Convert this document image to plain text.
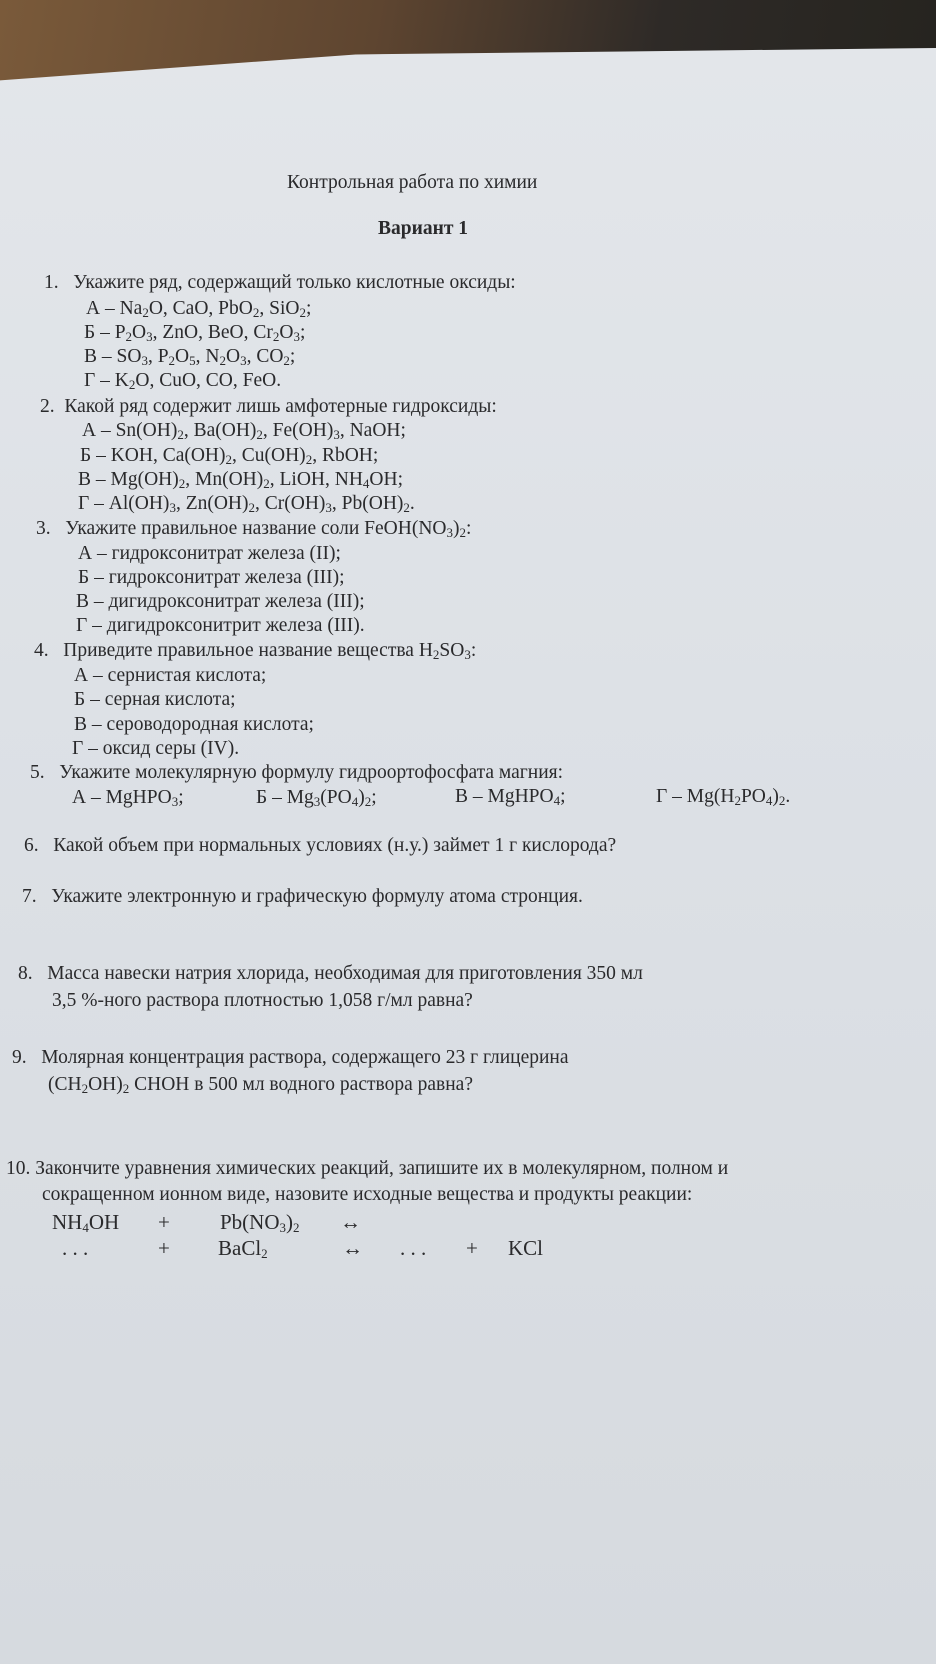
Контрольная работа по химии
Вариант 1
1. Укажите ряд, содержащий только кислотные оксиды:
А – $Na_2O$, CaO, PbO$_2$, SiO$_2$;
Б – $P_2O_3$, ZnO, BeO, $Cr_2O_3$;
В – $SO_3$, $P_2O_5$, $N_2O_3$, $CO_2$;
Г – $K_2O$, CuO, CO, FeO.
2. Какой ряд содержит лишь амфотерные гидроксиды:
А – $Sn(OH)_2$, $Ba(OH)_2$, $Fe(OH)_3$, NaOH;
Б – KOH, $Ca(OH)_2$, $Cu(OH)_2$, RbOH;
В – $Mg(OH)_2$, $Mn(OH)_2$, LiOH, $NH_4OH$;
Г – $Al(OH)_3$, $Zn(OH)_2$, $Cr(OH)_3$, $Pb(OH)_2$.
3. Укажите правильное название соли $FeOH(NO_3)_2$:
А – гидроксонитрат железа (II);
Б – гидроксонитрат железа (III);
В – дигидроксонитрат железа (III);
Г – дигидроксонитрит железа (III).
4. Приведите правильное название вещества $H_2SO_3$:
А – сернистая кислота;
Б – серная кислота;
В – сероводородная кислота;
Г – оксид серы (IV).
5. Укажите молекулярную формулу гидроортофосфата магния:
А – MgHPO$_3$;	Б – $Mg_3(PO_4)_2$;	В – MgHPO$_4$;	Г – $Mg(H_2PO_4)_2$.
6. Какой объем при нормальных условиях (н.у.) займет 1 г кислорода?
7. Укажите электронную и графическую формулу атома стронция.
8. Масса навески натрия хлорида, необходимая для приготовления 350 мл
3,5 %-ного раствора плотностью 1,058 г/мл равна?
9. Молярная концентрация раствора, содержащего 23 г глицерина
$(CH_2OH)_2$ CHOH в 500 мл водного раствора равна?
10. Закончите уравнения химических реакций, запишите их в молекулярном, полном и
сокращенном ионном виде, назовите исходные вещества и продукты реакции:
$NH_4OH + Pb(NO_3)_2$ ↔
. . .	+ BaCl$_2$	↔ . . . + KCl
